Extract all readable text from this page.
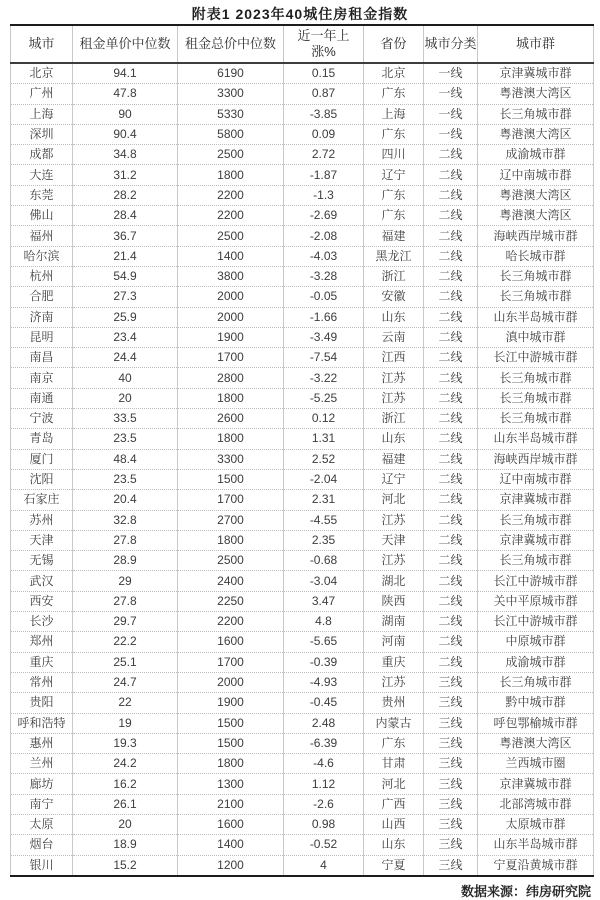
附表1 2023年40城住房租金指数
城市	租金单价中位数	租金总价中位数	近一年上涨%	省份	城市分类	城市群
北京	94.1	6190	0.15	北京	一线	京津冀城市群
广州	47.8	3300	0.87	广东	一线	粤港澳大湾区
上海	90	5330	-3.85	上海	一线	长三角城市群
深圳	90.4	5800	0.09	广东	一线	粤港澳大湾区
成都	34.8	2500	2.72	四川	二线	成渝城市群
大连	31.2	1800	-1.87	辽宁	二线	辽中南城市群
东莞	28.2	2200	-1.3	广东	二线	粤港澳大湾区
佛山	28.4	2200	-2.69	广东	二线	粤港澳大湾区
福州	36.7	2500	-2.08	福建	二线	海峡西岸城市群
哈尔滨	21.4	1400	-4.03	黑龙江	二线	哈长城市群
杭州	54.9	3800	-3.28	浙江	二线	长三角城市群
合肥	27.3	2000	-0.05	安徽	二线	长三角城市群
济南	25.9	2000	-1.66	山东	二线	山东半岛城市群
昆明	23.4	1900	-3.49	云南	二线	滇中城市群
南昌	24.4	1700	-7.54	江西	二线	长江中游城市群
南京	40	2800	-3.22	江苏	二线	长三角城市群
南通	20	1800	-5.25	江苏	二线	长三角城市群
宁波	33.5	2600	0.12	浙江	二线	长三角城市群
青岛	23.5	1800	1.31	山东	二线	山东半岛城市群
厦门	48.4	3300	2.52	福建	二线	海峡西岸城市群
沈阳	23.5	1500	-2.04	辽宁	二线	辽中南城市群
石家庄	20.4	1700	2.31	河北	二线	京津冀城市群
苏州	32.8	2700	-4.55	江苏	二线	长三角城市群
天津	27.8	1800	2.35	天津	二线	京津冀城市群
无锡	28.9	2500	-0.68	江苏	二线	长三角城市群
武汉	29	2400	-3.04	湖北	二线	长江中游城市群
西安	27.8	2250	3.47	陕西	二线	关中平原城市群
长沙	29.7	2200	4.8	湖南	二线	长江中游城市群
郑州	22.2	1600	-5.65	河南	二线	中原城市群
重庆	25.1	1700	-0.39	重庆	二线	成渝城市群
常州	24.7	2000	-4.93	江苏	三线	长三角城市群
贵阳	22	1900	-0.45	贵州	三线	黔中城市群
呼和浩特	19	1500	2.48	内蒙古	三线	呼包鄂榆城市群
惠州	19.3	1500	-6.39	广东	三线	粤港澳大湾区
兰州	24.2	1800	-4.6	甘肃	三线	兰西城市圈
廊坊	16.2	1300	1.12	河北	三线	京津冀城市群
南宁	26.1	2100	-2.6	广西	三线	北部湾城市群
太原	20	1600	0.98	山西	三线	太原城市群
烟台	18.9	1400	-0.52	山东	三线	山东半岛城市群
银川	15.2	1200	4	宁夏	三线	宁夏沿黄城市群
数据来源：纬房研究院
